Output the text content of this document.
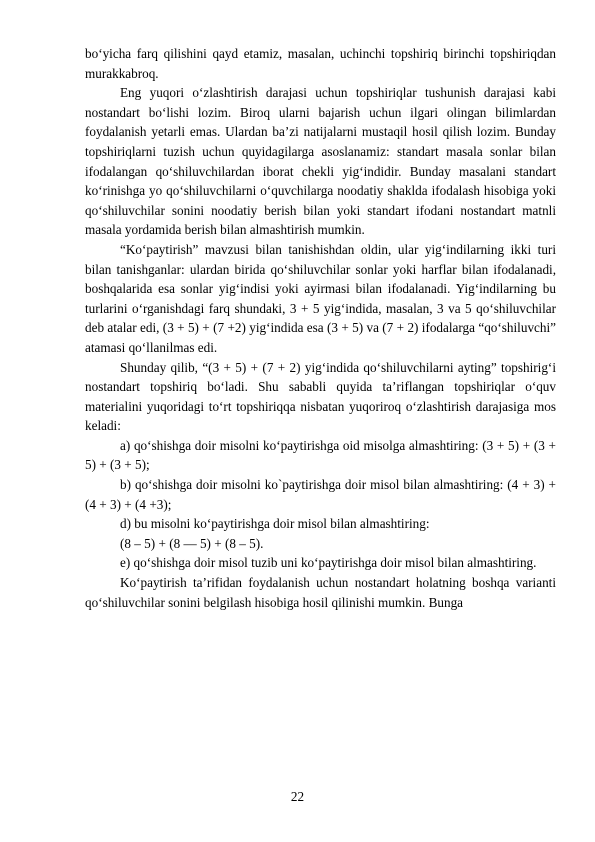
bo‘yicha farq qilishini qayd etamiz, masalan, uchinchi topshiriq birinchi topshiriqdan murakkabroq.

Eng yuqori o‘zlashtirish darajasi uchun topshiriqlar tushunish darajasi kabi nostandart bo‘lishi lozim. Biroq ularni bajarish uchun ilgari olingan bilimlardan foydalanish yetarli emas. Ulardan ba’zi natijalarni mustaqil hosil qilish lozim. Bunday topshiriqlarni tuzish uchun quyidagilarga asoslanamiz: standart masala sonlar bilan ifodalangan qo‘shiluvchilardan iborat chekli yig‘indidir. Bunday masalani standart ko‘rinishga yo qo‘shiluvchilarni o‘quvchilarga noodatiy shaklda ifodalash hisobiga yoki qo‘shiluvchilar sonini noodatiy berish bilan yoki standart ifodani nostandart matnli masala yordamida berish bilan almashtirish mumkin.

“Ko‘paytirish” mavzusi bilan tanishishdan oldin, ular yig‘indilarning ikki turi bilan tanishganlar: ulardan birida qo‘shiluvchilar sonlar yoki harflar bilan ifodalanadi, boshqalarida esa sonlar yig‘indisi yoki ayirmasi bilan ifodalanadi. Yig‘indilarning bu turlarini o‘rganishdagi farq shundaki, 3 + 5 yig‘indida, masalan, 3 va 5 qo‘shiluvchilar deb atalar edi, (3 + 5) + (7 +2) yig‘indida esa (3 + 5) va (7 + 2) ifodalarga “qo‘shiluvchi” atamasi qo‘llanilmas edi.

Shunday qilib, “(3 + 5) + (7 + 2) yig‘indida qo‘shiluvchilarni ayting” topshirig‘i nostandart topshiriq bo‘ladi. Shu sababli quyida ta’riflangan topshiriqlar o‘quv materialini yuqoridagi to‘rt topshiriqqa nisbatan yuqoriroq o‘zlashtirish darajasiga mos keladi:

a) qo‘shishga doir misolni ko‘paytirishga oid misolga almashtiring: (3 + 5) + (3 + 5) + (3 + 5);

b) qo‘shishga doir misolni ko`paytirishga doir misol bilan almashtiring: (4 + 3) + (4 + 3) + (4 +3);

d) bu misolni ko‘paytirishga doir misol bilan almashtiring:

(8 – 5) + (8 — 5) + (8 – 5).

e) qo‘shishga doir misol tuzib uni ko‘paytirishga doir misol bilan almashtiring.

Ko‘paytirish ta’rifidan foydalanish uchun nostandart holatning boshqa varianti qo‘shiluvchilar sonini belgilash hisobiga hosil qilinishi mumkin. Bunga

22
